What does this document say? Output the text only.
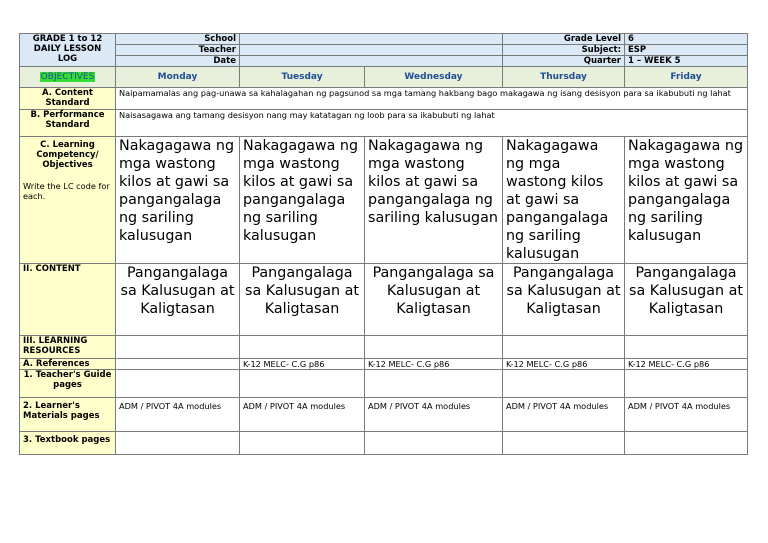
GRADE 1 to 12
DAILY LESSON LOG	School			Grade Level	6
	Teacher			Subject:	ESP
	Date			Quarter	1 – WEEK 5
OBJECTIVES	Monday	Tuesday	Wednesday	Thursday	Friday

A. Content
Standard	Naipamamalas ang pag-unawa sa kahalagahan ng pagsunod sa mga tamang hakbang bago makagawa ng isang desisyon para sa ikabubuti ng lahat				

B. Performance
Standard	Naisasagawa ang tamang desisyon nang may katatagan ng loob para sa ikabubuti ng lahat				

C. Learning
Competency/
Objectives
Write the LC code for each.	Nakagagawa ng mga wastong kilos at gawi sa pangangalaga ng sariling kalusugan	Nakagagawa ng mga wastong kilos at gawi sa pangangalaga ng sariling kalusugan	Nakagagawa ng mga wastong kilos at gawi sa pangangalaga ng sariling kalusugan	Nakagagawa ng mga wastong kilos at gawi sa pangangalaga ng sariling kalusugan	Nakagagawa ng mga wastong kilos at gawi sa pangangalaga ng sariling kalusugan
II. CONTENT	Pangangalaga sa Kalusugan at Kaligtasan	Pangangalaga sa Kalusugan at Kaligtasan	Pangangalaga sa Kalusugan at Kaligtasan	Pangangalaga sa Kalusugan at Kaligtasan	Pangangalaga sa Kalusugan at Kaligtasan

III. LEARNING
RESOURCES					

A. References		K-12 MELC- C.G p86	K-12 MELC- C.G p86	K-12 MELC- C.G p86	K-12 MELC- C.G p86

1. Teacher's Guide
pages					

2. Learner's
Materials pages	ADM / PIVOT 4A modules	ADM / PIVOT 4A modules	ADM / PIVOT 4A modules	ADM / PIVOT 4A modules	ADM / PIVOT 4A modules
3. Textbook pages					
